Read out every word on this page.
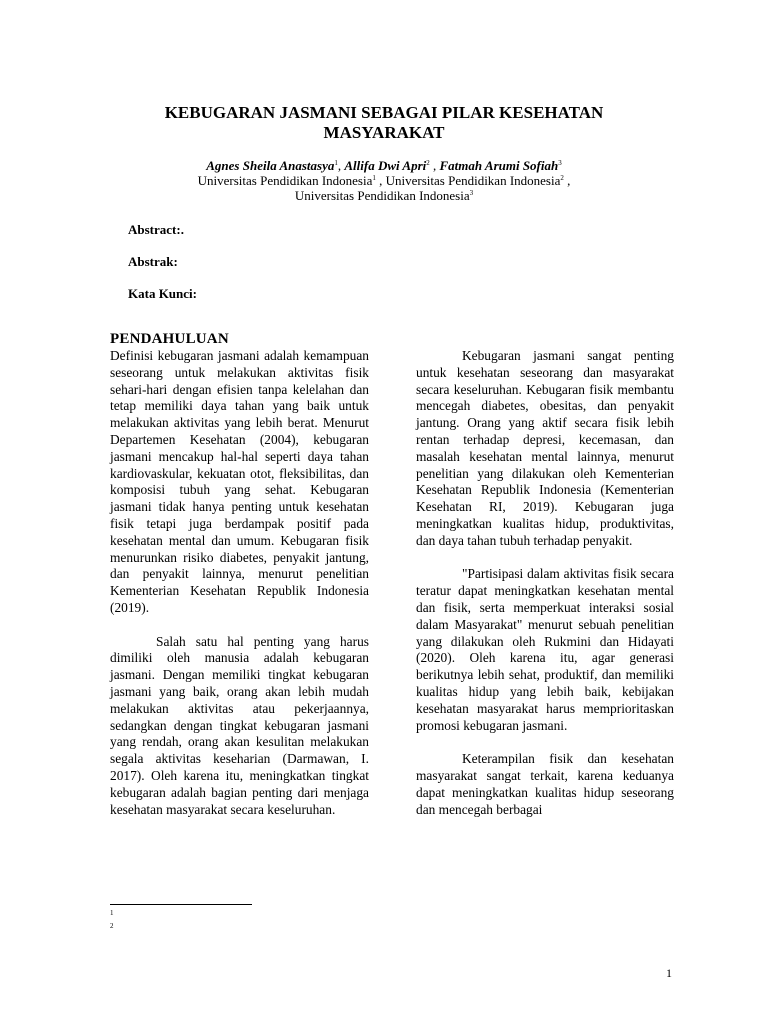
KEBUGARAN JASMANI SEBAGAI PILAR KESEHATAN
MASYARAKAT
Agnes Sheila Anastasya$^1$, Allifa Dwi Apri$^2$ , Fatmah Arumi Sofiah$^3$
Universitas Pendidikan Indonesia$^1$ , Universitas Pendidikan Indonesia$^2$ ,
Universitas Pendidikan Indonesia$^3$
Abstract:.
Abstrak:
Kata Kunci:
PENDAHULUAN

Definisi kebugaran jasmani adalah kemampuan seseorang untuk melakukan aktivitas fisik sehari-hari dengan efisien tanpa kelelahan dan tetap memiliki daya tahan yang baik untuk melakukan aktivitas yang lebih berat. Menurut Departemen Kesehatan (2004), kebugaran jasmani mencakup hal-hal seperti daya tahan kardiovaskular, kekuatan otot, fleksibilitas, dan komposisi tubuh yang sehat. Kebugaran jasmani tidak hanya penting untuk kesehatan fisik tetapi juga berdampak positif pada kesehatan mental dan umum. Kebugaran fisik menurunkan risiko diabetes, penyakit jantung, dan penyakit lainnya, menurut penelitian Kementerian Kesehatan Republik Indonesia (2019).

Salah satu hal penting yang harus dimiliki oleh manusia adalah kebugaran jasmani. Dengan memiliki tingkat kebugaran jasmani yang baik, orang akan lebih mudah melakukan aktivitas atau pekerjaannya, sedangkan dengan tingkat kebugaran jasmani yang rendah, orang akan kesulitan melakukan segala aktivitas keseharian (Darmawan, I. 2017). Oleh karena itu, meningkatkan tingkat kebugaran adalah bagian penting dari menjaga kesehatan masyarakat secara keseluruhan.

Kebugaran jasmani sangat penting untuk kesehatan seseorang dan masyarakat secara keseluruhan. Kebugaran fisik membantu mencegah diabetes, obesitas, dan penyakit jantung. Orang yang aktif secara fisik lebih rentan terhadap depresi, kecemasan, dan masalah kesehatan mental lainnya, menurut penelitian yang dilakukan oleh Kementerian Kesehatan Republik Indonesia (Kementerian Kesehatan RI, 2019). Kebugaran juga meningkatkan kualitas hidup, produktivitas, dan daya tahan tubuh terhadap penyakit.

"Partisipasi dalam aktivitas fisik secara teratur dapat meningkatkan kesehatan mental dan fisik, serta memperkuat interaksi sosial dalam Masyarakat" menurut sebuah penelitian yang dilakukan oleh Rukmini dan Hidayati (2020). Oleh karena itu, agar generasi berikutnya lebih sehat, produktif, dan memiliki kualitas hidup yang lebih baik, kebijakan kesehatan masyarakat harus memprioritaskan promosi kebugaran jasmani.

Keterampilan fisik dan kesehatan masyarakat sangat terkait, karena keduanya dapat meningkatkan kualitas hidup seseorang dan mencegah berbagai

1
2
1
